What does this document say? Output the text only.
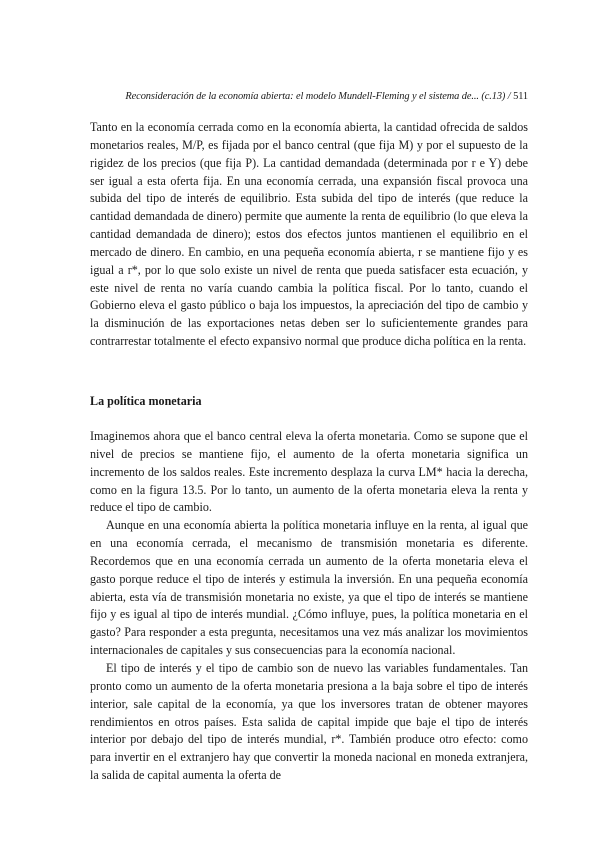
Reconsideración de la economía abierta: el modelo Mundell-Fleming y el sistema de... (c.13) / 511

Tanto en la economía cerrada como en la economía abierta, la cantidad ofrecida de saldos monetarios reales, M/P, es fijada por el banco central (que fija M) y por el supuesto de la rigidez de los precios (que fija P). La cantidad demandada (determinada por r e Y) debe ser igual a esta oferta fija. En una economía cerrada, una expansión fiscal provoca una subida del tipo de interés de equilibrio. Esta subida del tipo de interés (que reduce la cantidad demandada de dinero) permite que aumente la renta de equilibrio (lo que eleva la cantidad demandada de dinero); estos dos efectos juntos mantienen el equilibrio en el mercado de dinero. En cambio, en una pequeña economía abierta, r se mantiene fijo y es igual a r*, por lo que solo existe un nivel de renta que pueda satisfacer esta ecuación, y este nivel de renta no varía cuando cambia la política fiscal. Por lo tanto, cuando el Gobierno eleva el gasto público o baja los impuestos, la apreciación del tipo de cambio y la disminución de las exportaciones netas deben ser lo suficientemente grandes para contrarrestar totalmente el efecto expansivo normal que produce dicha política en la renta.

La política monetaria

Imaginemos ahora que el banco central eleva la oferta monetaria. Como se supone que el nivel de precios se mantiene fijo, el aumento de la oferta monetaria significa un incremento de los saldos reales. Este incremento desplaza la curva LM* hacia la derecha, como en la figura 13.5. Por lo tanto, un aumento de la oferta monetaria eleva la renta y reduce el tipo de cambio.

Aunque en una economía abierta la política monetaria influye en la renta, al igual que en una economía cerrada, el mecanismo de transmisión monetaria es diferente. Recordemos que en una economía cerrada un aumento de la oferta monetaria eleva el gasto porque reduce el tipo de interés y estimula la inversión. En una pequeña economía abierta, esta vía de transmisión monetaria no existe, ya que el tipo de interés se mantiene fijo y es igual al tipo de interés mundial. ¿Cómo influye, pues, la política monetaria en el gasto? Para responder a esta pregunta, necesitamos una vez más analizar los movimientos internacionales de capitales y sus consecuencias para la economía nacional.

El tipo de interés y el tipo de cambio son de nuevo las variables fundamentales. Tan pronto como un aumento de la oferta monetaria presiona a la baja sobre el tipo de interés interior, sale capital de la economía, ya que los inversores tratan de obtener mayores rendimientos en otros países. Esta salida de capital impide que baje el tipo de interés interior por debajo del tipo de interés mundial, r*. También produce otro efecto: como para invertir en el extranjero hay que convertir la moneda nacional en moneda extranjera, la salida de capital aumenta la oferta de
